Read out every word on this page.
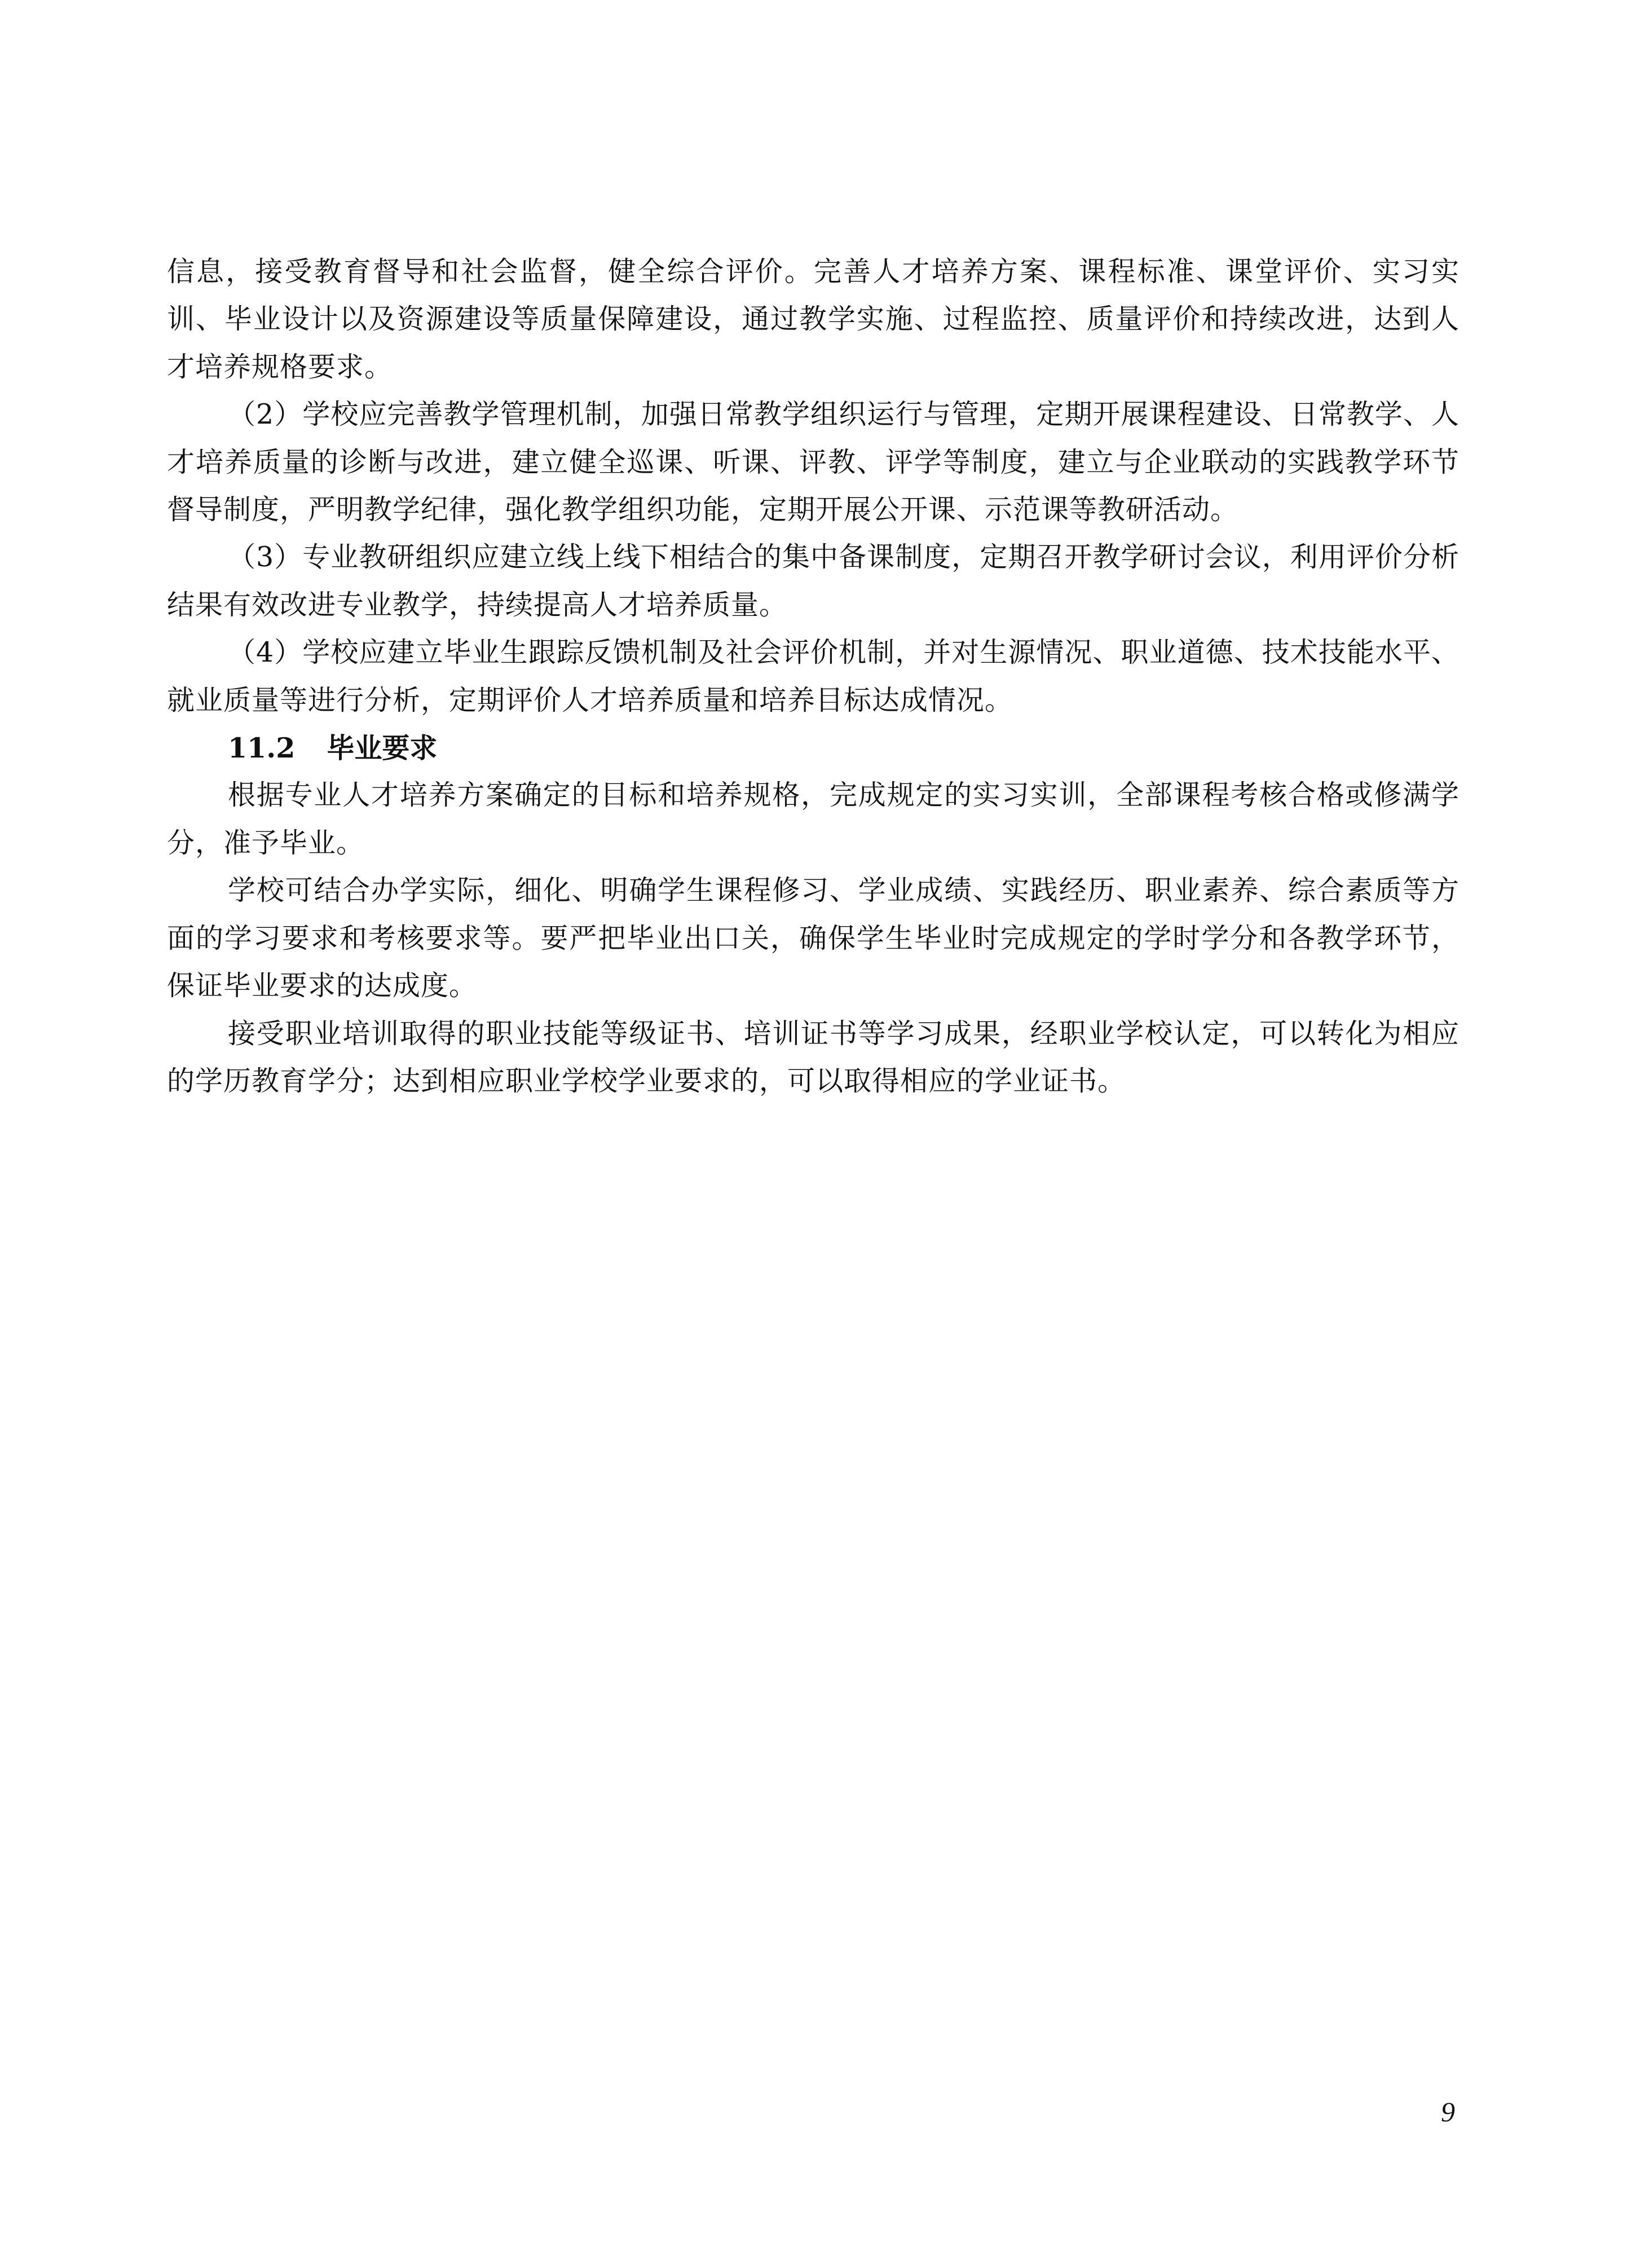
信息，接受教育督导和社会监督，健全综合评价。完善人才培养方案、课程标准、课堂评价、实习实训、毕业设计以及资源建设等质量保障建设，通过教学实施、过程监控、质量评价和持续改进，达到人才培养规格要求。

（2）学校应完善教学管理机制，加强日常教学组织运行与管理，定期开展课程建设、日常教学、人才培养质量的诊断与改进，建立健全巡课、听课、评教、评学等制度，建立与企业联动的实践教学环节督导制度，严明教学纪律，强化教学组织功能，定期开展公开课、示范课等教研活动。

（3）专业教研组织应建立线上线下相结合的集中备课制度，定期召开教学研讨会议，利用评价分析结果有效改进专业教学，持续提高人才培养质量。

（4）学校应建立毕业生跟踪反馈机制及社会评价机制，并对生源情况、职业道德、技术技能水平、就业质量等进行分析，定期评价人才培养质量和培养目标达成情况。

11.2 毕业要求

根据专业人才培养方案确定的目标和培养规格，完成规定的实习实训，全部课程考核合格或修满学分，准予毕业。

学校可结合办学实际，细化、明确学生课程修习、学业成绩、实践经历、职业素养、综合素质等方面的学习要求和考核要求等。要严把毕业出口关，确保学生毕业时完成规定的学时学分和各教学环节，保证毕业要求的达成度。

接受职业培训取得的职业技能等级证书、培训证书等学习成果，经职业学校认定，可以转化为相应的学历教育学分；达到相应职业学校学业要求的，可以取得相应的学业证书。

9
